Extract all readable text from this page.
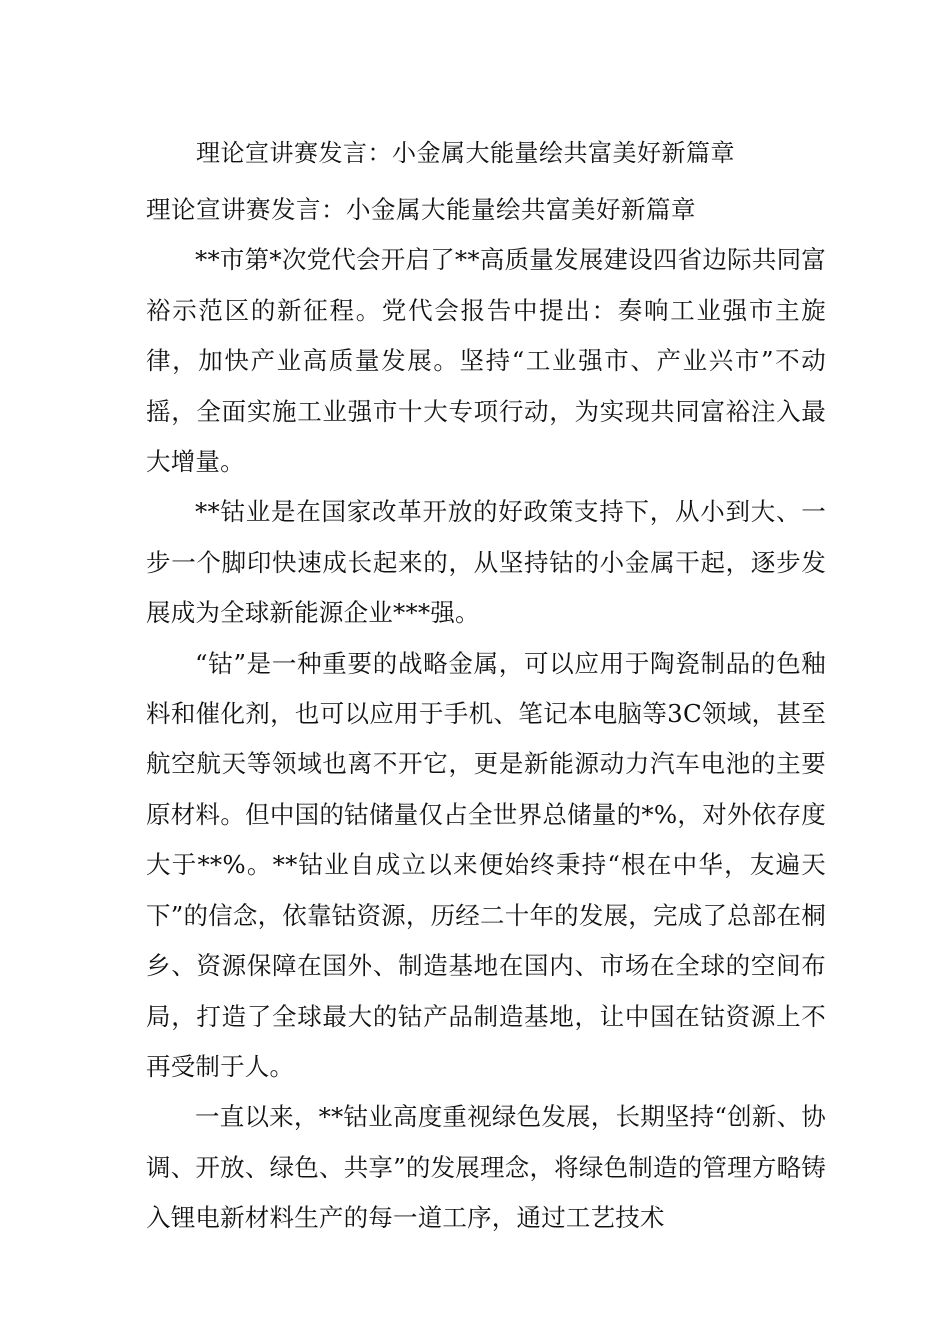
理论宣讲赛发言：小金属大能量绘共富美好新篇章

理论宣讲赛发言：小金属大能量绘共富美好新篇章

**市第*次党代会开启了**高质量发展建设四省边际共同富裕示范区的新征程。党代会报告中提出：奏响工业强市主旋律，加快产业高质量发展。坚持“工业强市、产业兴市”不动摇，全面实施工业强市十大专项行动，为实现共同富裕注入最大增量。

**钴业是在国家改革开放的好政策支持下，从小到大、一步一个脚印快速成长起来的，从坚持钴的小金属干起，逐步发展成为全球新能源企业***强。

“钴”是一种重要的战略金属，可以应用于陶瓷制品的色釉料和催化剂，也可以应用于手机、笔记本电脑等3C领域，甚至航空航天等领域也离不开它，更是新能源动力汽车电池的主要原材料。但中国的钴储量仅占全世界总储量的*%，对外依存度大于**%。**钴业自成立以来便始终秉持“根在中华，友遍天下”的信念，依靠钴资源，历经二十年的发展，完成了总部在桐乡、资源保障在国外、制造基地在国内、市场在全球的空间布局，打造了全球最大的钴产品制造基地，让中国在钴资源上不再受制于人。

一直以来，**钴业高度重视绿色发展，长期坚持“创新、协调、开放、绿色、共享”的发展理念，将绿色制造的管理方略铸入锂电新材料生产的每一道工序，通过工艺技术
